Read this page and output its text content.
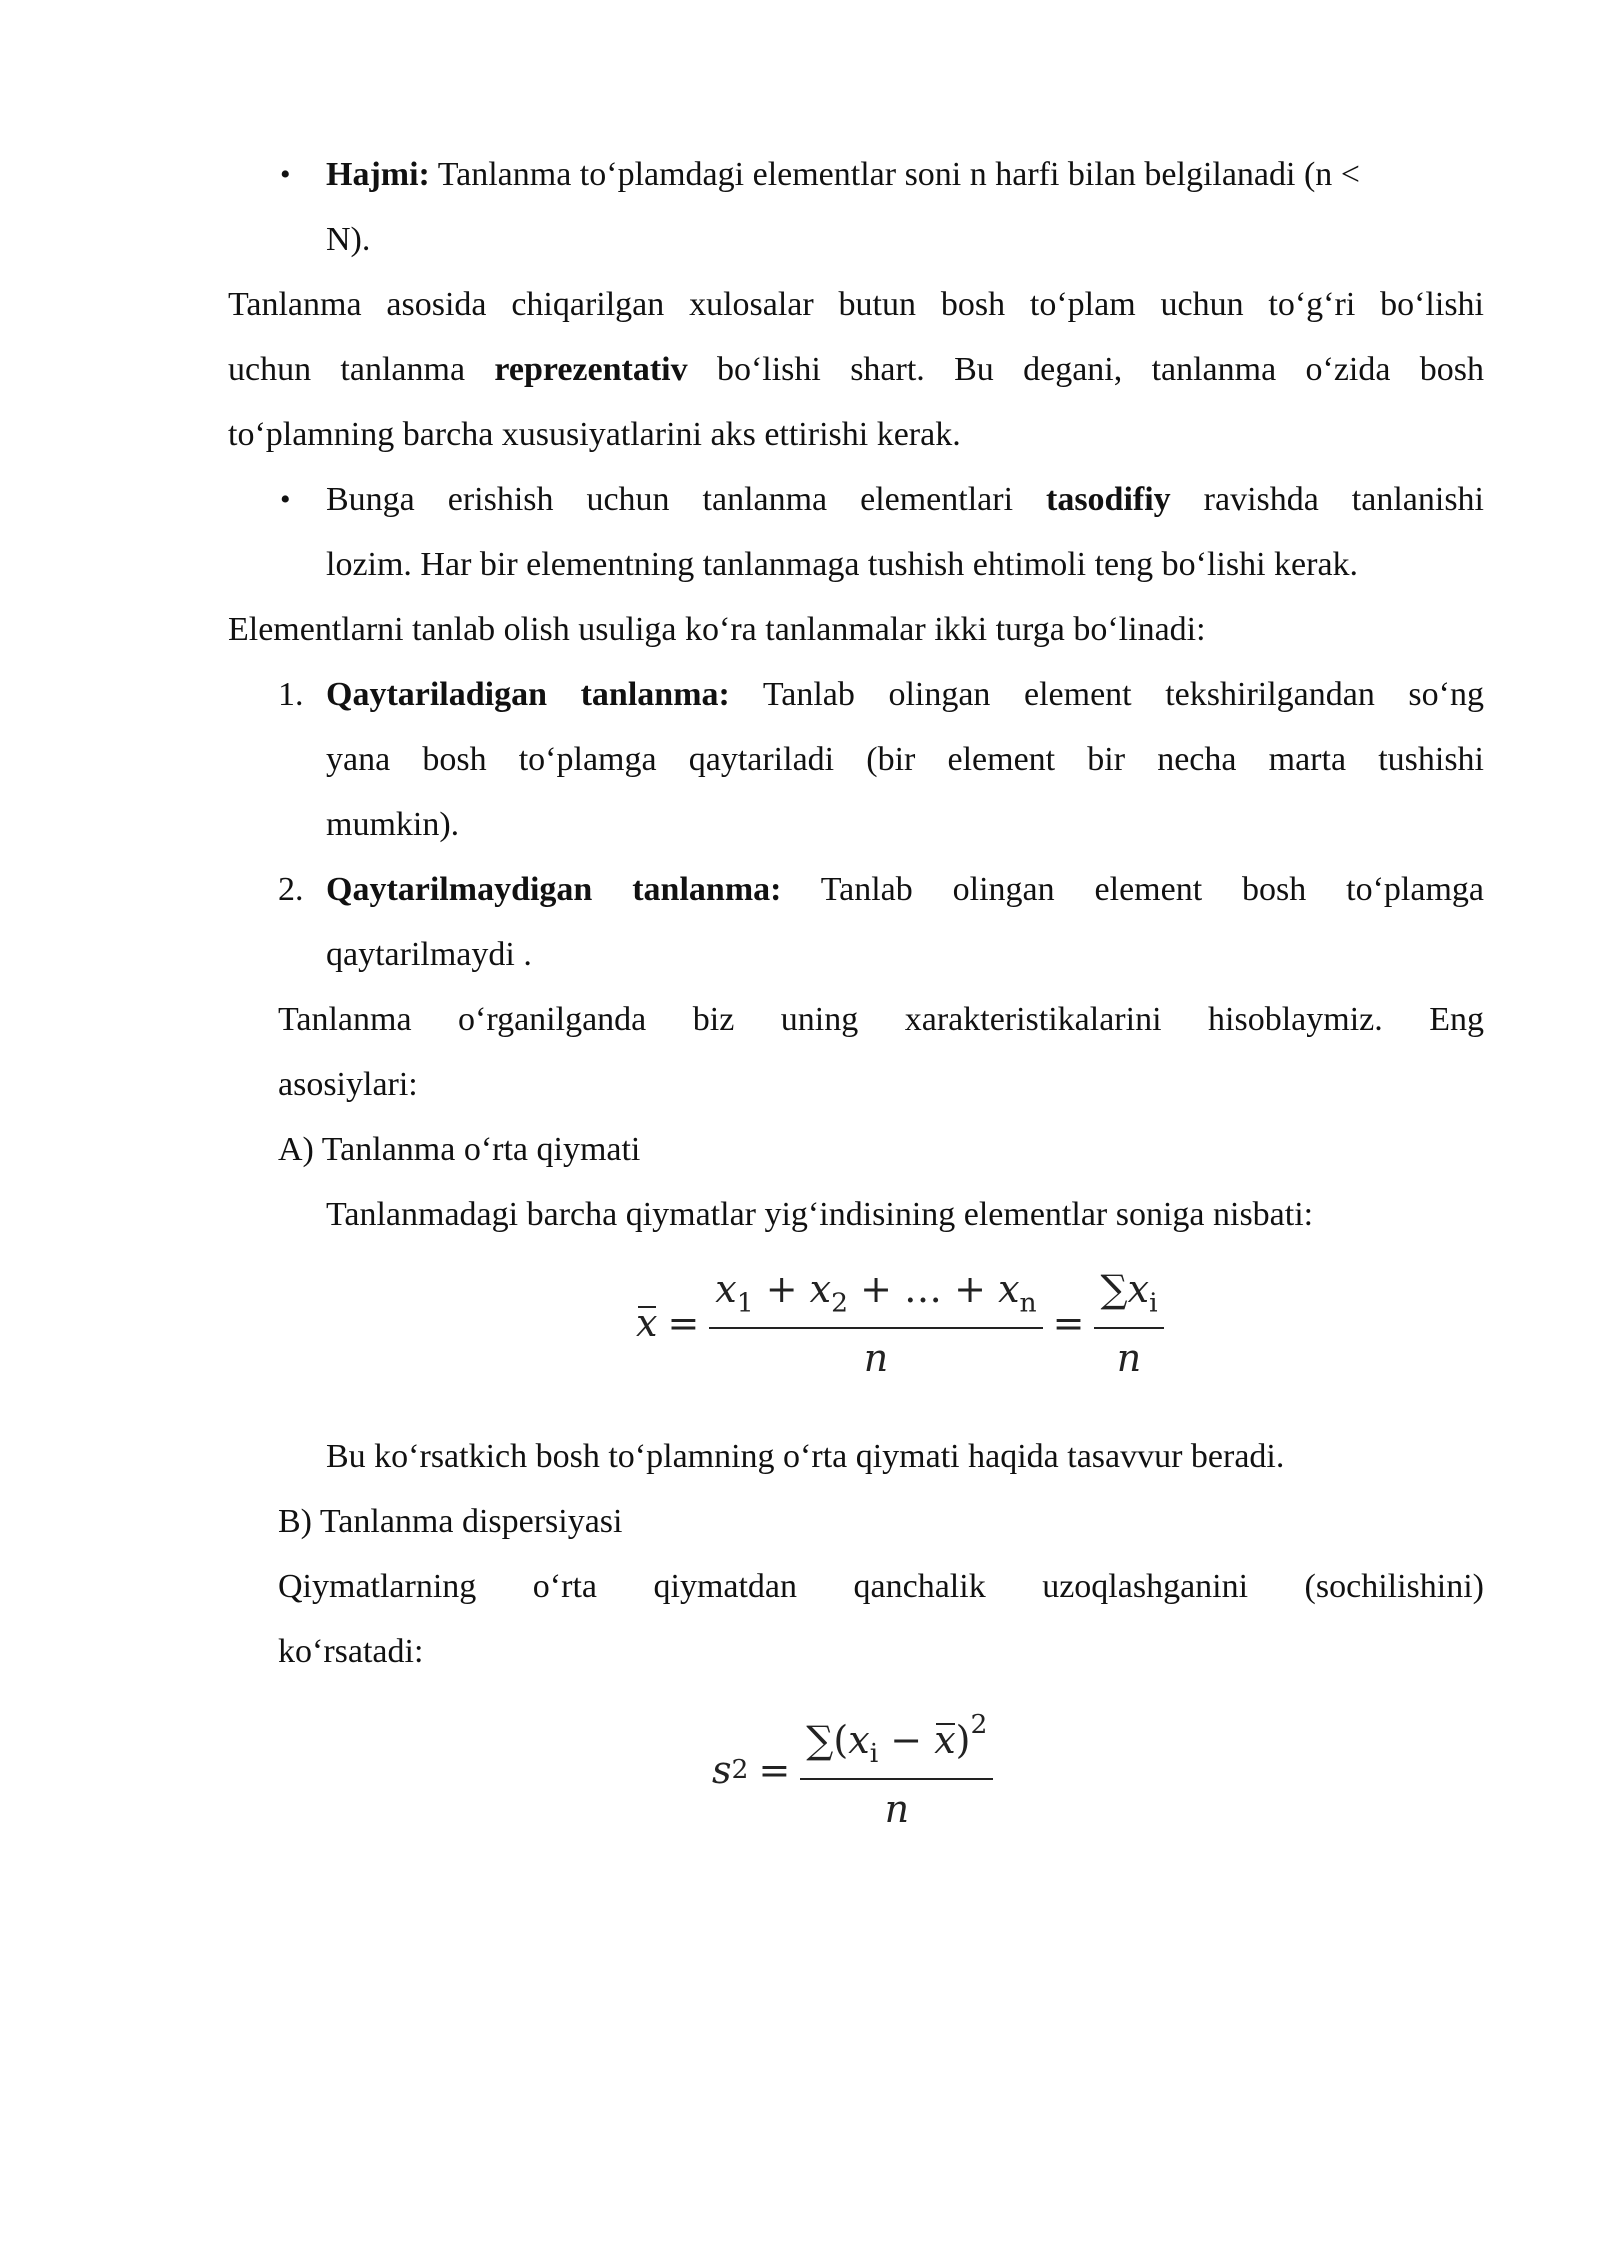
• Hajmi: Tanlanma to‘plamdagi elementlar soni n harfi bilan belgilanadi (n <
N).
Tanlanma asosida chiqarilgan xulosalar butun bosh to‘plam uchun to‘g‘ri bo‘lishi
uchun tanlanma reprezentativ bo‘lishi shart. Bu degani, tanlanma o‘zida bosh
to‘plamning barcha xususiyatlarini aks ettirishi kerak.
• Bunga erishish uchun tanlanma elementlari tasodifiy ravishda tanlanishi
lozim. Har bir elementning tanlanmaga tushish ehtimoli teng bo‘lishi kerak.
Elementlarni tanlab olish usuliga ko‘ra tanlanmalar ikki turga bo‘linadi:
1. Qaytariladigan tanlanma: Tanlab olingan element tekshirilgandan so‘ng
yana bosh to‘plamga qaytariladi (bir element bir necha marta tushishi
mumkin).
2. Qaytarilmaydigan tanlanma: Tanlab olingan element bosh to‘plamga
qaytarilmaydi .
Tanlanma o‘rganilganda biz uning xarakteristikalarini hisoblaymiz. Eng
asosiylari:
A) Tanlanma o‘rta qiymati
Tanlanmadagi barcha qiymatlar yig‘indisining elementlar soniga nisbati:
$x = \frac{x_1 + x_2 + \dots + x_n}{n} = \frac{\sum x_i}{n}$
Bu ko‘rsatkich bosh to‘plamning o‘rta qiymati haqida tasavvur beradi.
B) Tanlanma dispersiyasi
Qiymatlarning o‘rta qiymatdan qanchalik uzoqlashganini (sochilishini)
ko‘rsatadi:
s $2 = \frac{\sum(x_i - x)^2}{n}$
